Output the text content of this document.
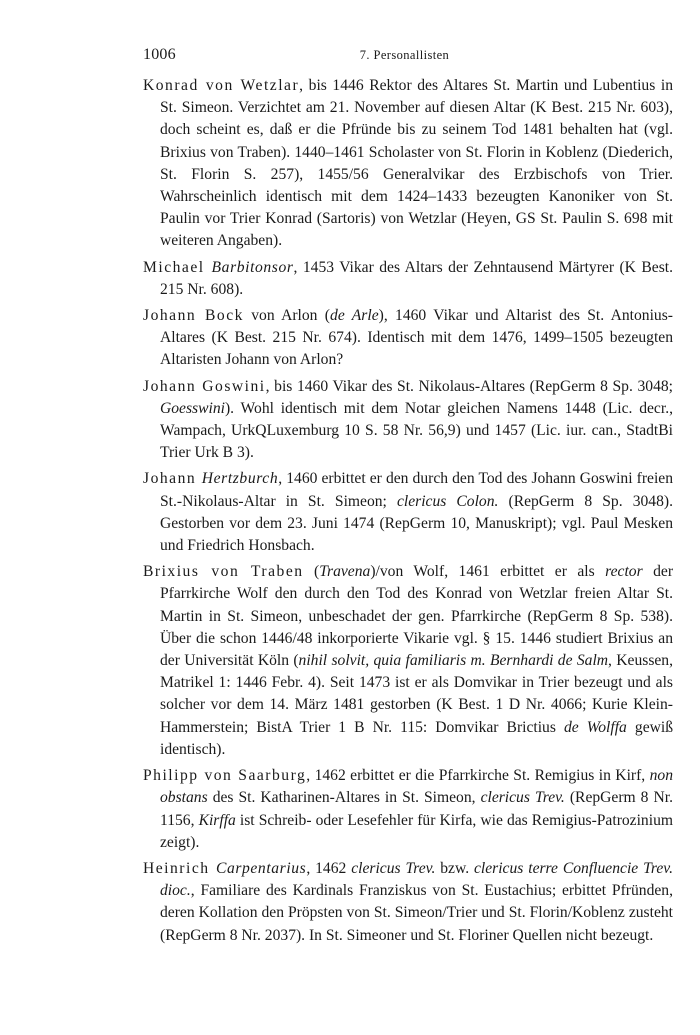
1006	7. Personallisten

Konrad von Wetzlar, bis 1446 Rektor des Altares St. Martin und Lubentius in St. Simeon. Verzichtet am 21. November auf diesen Altar (K Best. 215 Nr. 603), doch scheint es, daß er die Pfründe bis zu seinem Tod 1481 behalten hat (vgl. Brixius von Traben). 1440–1461 Scholaster von St. Florin in Koblenz (Diederich, St. Florin S. 257), 1455/56 Generalvikar des Erzbischofs von Trier. Wahrscheinlich identisch mit dem 1424–1433 bezeugten Kanoniker von St. Paulin vor Trier Konrad (Sartoris) von Wetzlar (Heyen, GS St. Paulin S. 698 mit weiteren Angaben).

Michael Barbitonsor, 1453 Vikar des Altars der Zehntausend Märtyrer (K Best. 215 Nr. 608).

Johann Bock von Arlon (de Arle), 1460 Vikar und Altarist des St. Antonius-Altares (K Best. 215 Nr. 674). Identisch mit dem 1476, 1499–1505 bezeugten Altaristen Johann von Arlon?

Johann Goswini, bis 1460 Vikar des St. Nikolaus-Altares (RepGerm 8 Sp. 3048; Goesswini). Wohl identisch mit dem Notar gleichen Namens 1448 (Lic. decr., Wampach, UrkQLuxemburg 10 S. 58 Nr. 56,9) und 1457 (Lic. iur. can., StadtBi Trier Urk B 3).

Johann Hertzburch, 1460 erbittet er den durch den Tod des Johann Goswini freien St.-Nikolaus-Altar in St. Simeon; clericus Colon. (RepGerm 8 Sp. 3048). Gestorben vor dem 23. Juni 1474 (RepGerm 10, Manuskript); vgl. Paul Mesken und Friedrich Honsbach.

Brixius von Traben (Travena)/von Wolf, 1461 erbittet er als rector der Pfarrkirche Wolf den durch den Tod des Konrad von Wetzlar freien Altar St. Martin in St. Simeon, unbeschadet der gen. Pfarrkirche (RepGerm 8 Sp. 538). Über die schon 1446/48 inkorporierte Vikarie vgl. § 15. 1446 studiert Brixius an der Universität Köln (nihil solvit, quia familiaris m. Bernhardi de Salm, Keussen, Matrikel 1: 1446 Febr. 4). Seit 1473 ist er als Domvikar in Trier bezeugt und als solcher vor dem 14. März 1481 gestorben (K Best. 1 D Nr. 4066; Kurie Klein-Hammerstein; BistA Trier 1 B Nr. 115: Domvikar Brictius de Wolffa gewiß identisch).

Philipp von Saarburg, 1462 erbittet er die Pfarrkirche St. Remigius in Kirf, non obstans des St. Katharinen-Altares in St. Simeon, clericus Trev. (RepGerm 8 Nr. 1156, Kirffa ist Schreib- oder Lesefehler für Kirfa, wie das Remigius-Patrozinium zeigt).

Heinrich Carpentarius, 1462 clericus Trev. bzw. clericus terre Confluencie Trev. dioc., Familiare des Kardinals Franziskus von St. Eustachius; erbittet Pfründen, deren Kollation den Pröpsten von St. Simeon/Trier und St. Florin/Koblenz zusteht (RepGerm 8 Nr. 2037). In St. Simeoner und St. Floriner Quellen nicht bezeugt.
